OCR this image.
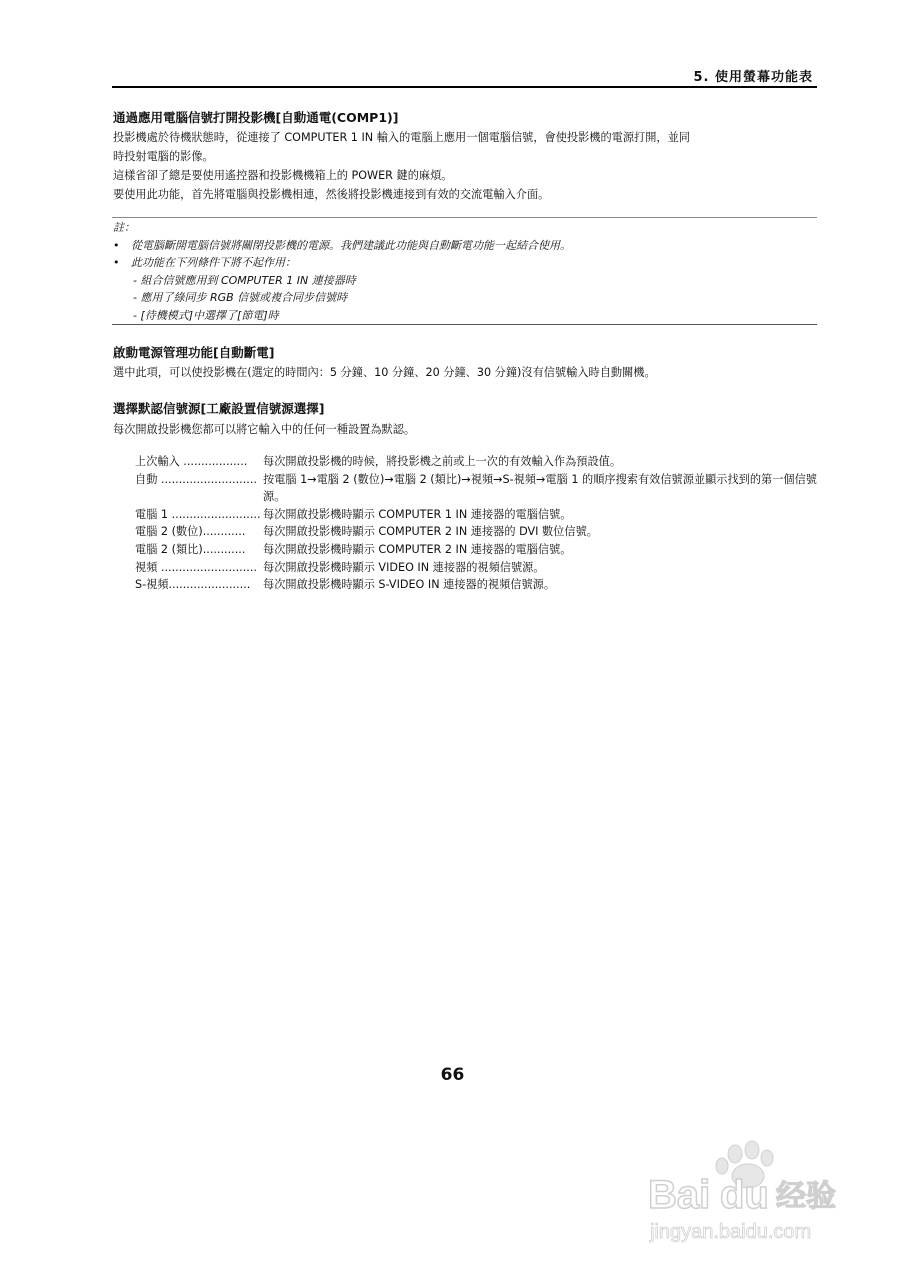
5. 使用螢幕功能表
通過應用電腦信號打開投影機[自動通電(COMP1)]

投影機處於待機狀態時，從連接了 COMPUTER 1 IN 輸入的電腦上應用一個電腦信號，會使投影機的電源打開，並同

時投射電腦的影像。

這樣省卻了總是要使用遙控器和投影機機箱上的 POWER 鍵的麻煩。

要使用此功能，首先將電腦與投影機相連，然後將投影機連接到有效的交流電輸入介面。

註：
•	從電腦斷開電腦信號將關閉投影機的電源。我們建議此功能與自動斷電功能一起結合使用。
•	此功能在下列條件下將不起作用：
- 組合信號應用到 COMPUTER 1 IN 連接器時
- 應用了綠同步 RGB 信號或複合同步信號時
- [待機模式]中選擇了[節電]時
啟動電源管理功能[自動斷電]
選中此項，可以使投影機在(選定的時間內：5 分鐘、10 分鐘、20 分鐘、30 分鐘)沒有信號輸入時自動關機。
選擇默認信號源[工廠設置信號源選擇]
每次開啟投影機您都可以將它輸入中的任何一種設置為默認。
上次輸入 ..................	每次開啟投影機的時候，將投影機之前或上一次的有效輸入作為預設值。
自動 ........................... 按電腦 1→電腦 2 (數位)→電腦 2 (類比)→視頻→S-視頻→電腦 1 的順序搜索有效信號源並顯示找到的第一個信號源。
電腦 1 ......................... 每次開啟投影機時顯示 COMPUTER 1 IN 連接器的電腦信號。
電腦 2 (數位)............	每次開啟投影機時顯示 COMPUTER 2 IN 連接器的 DVI 數位信號。
電腦 2 (類比)............	每次開啟投影機時顯示 COMPUTER 2 IN 連接器的電腦信號。
視頻 ........................... 每次開啟投影機時顯示 VIDEO IN 連接器的視頻信號源。
S-視頻.......................	每次開啟投影機時顯示 S-VIDEO IN 連接器的視頻信號源。
66
Bai du 经验
jingyan.baidu.com
